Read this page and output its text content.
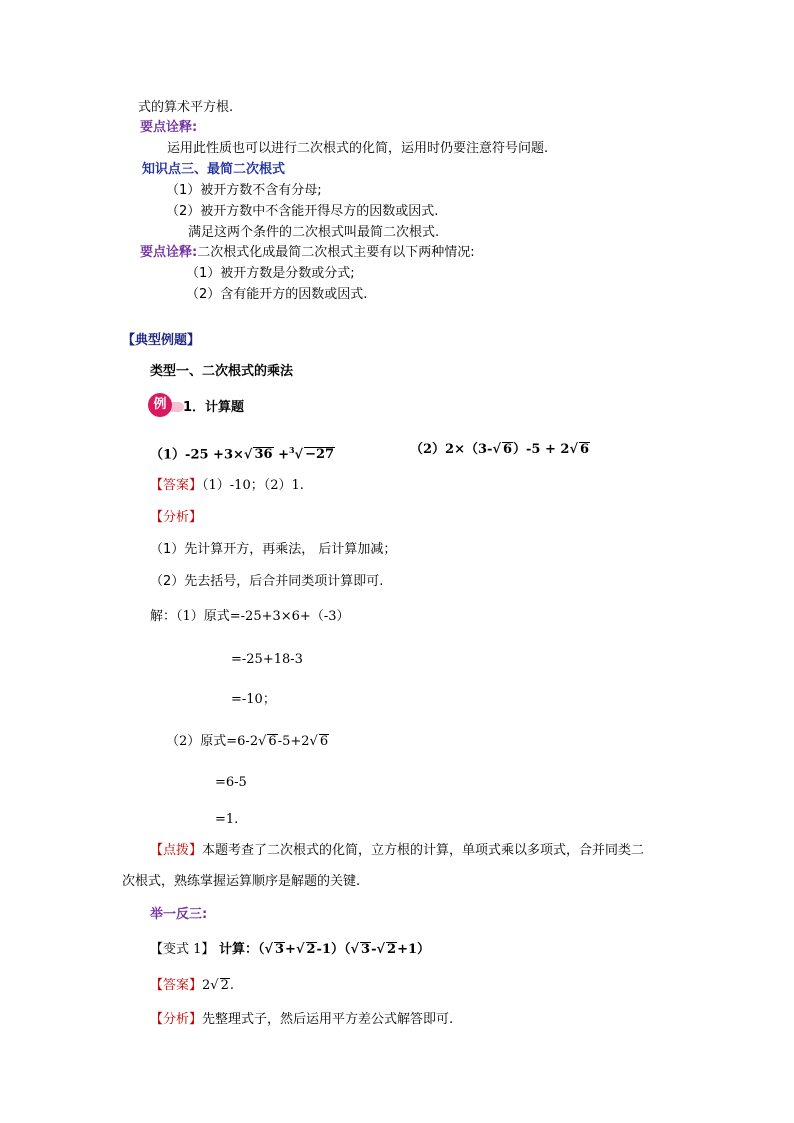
式的算术平方根.
要点诠释:
运用此性质也可以进行二次根式的化简，运用时仍要注意符号问题.
知识点三、最简二次根式
（1）被开方数不含有分母;
（2）被开方数中不含能开得尽方的因数或因式.
满足这两个条件的二次根式叫最简二次根式.
要点诠释:二次根式化成最简二次根式主要有以下两种情况:
（1）被开方数是分数或分式;
（2）含有能开方的因数或因式.
【典型例题】
类型一、二次根式的乘法
例	1．计算题
（1）-25 +3×√ 36 +$^3$√ −27	（2）2×（3-√ 6）-5 + 2√ 6
【答案】（1）-10；（2）1.
【分析】
（1）先计算开方，再乘法， 后计算加减；
（2）先去括号，后合并同类项计算即可.
解：（1）原式=-25+3×6+（-3）
=-25+18-3
=-10；
（2）原式=6-2√ 6-5+2√ 6
=6-5
=1.
【点拨】本题考查了二次根式的化简，立方根的计算，单项式乘以多项式，合并同类二
次根式，熟练掌握运算顺序是解题的关键.
举一反三:
【变式 1】 计算：（√ 3+√ 2-1）（√ 3-√ 2+1）
【答案】2√ 2.
【分析】先整理式子，然后运用平方差公式解答即可.
